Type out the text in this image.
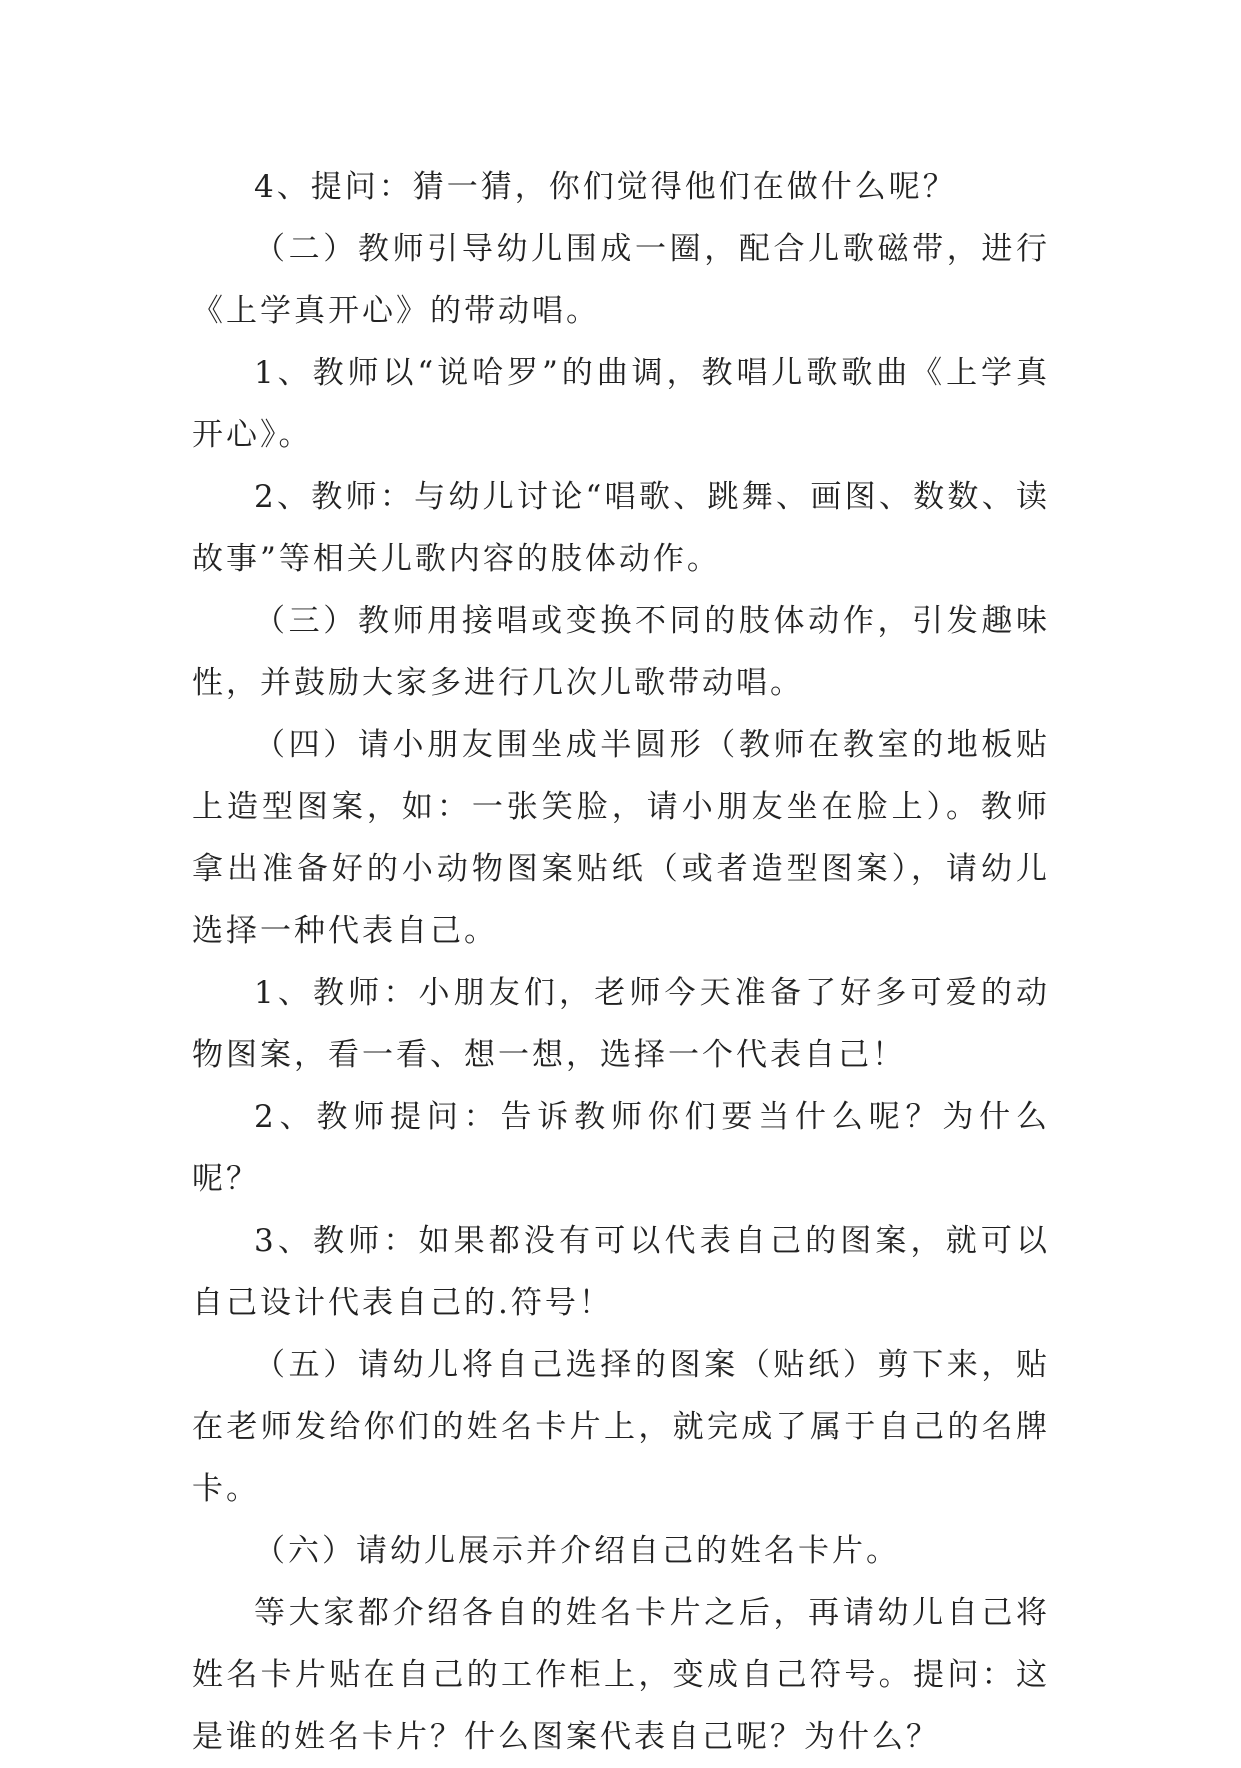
4、提问：猜一猜，你们觉得他们在做什么呢？

（二）教师引导幼儿围成一圈，配合儿歌磁带，进行《上学真开心》的带动唱。

1、教师以“说哈罗”的曲调，教唱儿歌歌曲《上学真开心》。

2、教师：与幼儿讨论“唱歌、跳舞、画图、数数、读故事”等相关儿歌内容的肢体动作。

（三）教师用接唱或变换不同的肢体动作，引发趣味性，并鼓励大家多进行几次儿歌带动唱。

（四）请小朋友围坐成半圆形（教师在教室的地板贴上造型图案，如：一张笑脸，请小朋友坐在脸上）。教师拿出准备好的小动物图案贴纸（或者造型图案），请幼儿选择一种代表自己。

1、教师：小朋友们，老师今天准备了好多可爱的动物图案，看一看、想一想，选择一个代表自己！

2、教师提问：告诉教师你们要当什么呢？为什么呢？

3、教师：如果都没有可以代表自己的图案，就可以自己设计代表自己的.符号！

（五）请幼儿将自己选择的图案（贴纸）剪下来，贴在老师发给你们的姓名卡片上，就完成了属于自己的名牌卡。

（六）请幼儿展示并介绍自己的姓名卡片。

等大家都介绍各自的姓名卡片之后，再请幼儿自己将姓名卡片贴在自己的工作柜上，变成自己符号。提问：这是谁的姓名卡片？什么图案代表自己呢？为什么？
